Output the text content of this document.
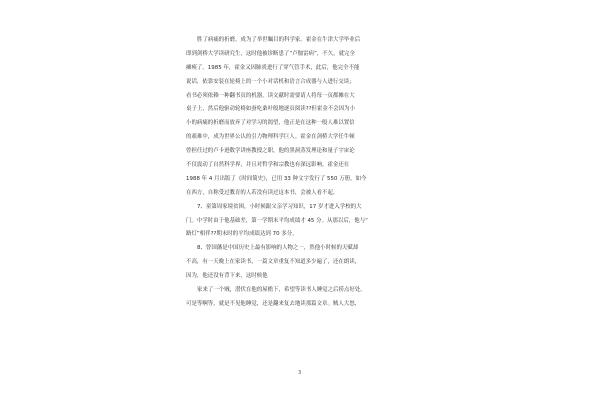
胜了病痛的折磨，成为了举世瞩目的科学家。霍金在牛津大学毕业后
即到剑桥大学读研究生，这时他被诊断患了“卢伽雷病”，不久，就完全
瘫痪了。1985 年，霍金又因肺炎进行了穿气管手术，此后，他完全不能
说话，依靠安装在轮椅上的一个小对话机和语言合成器与人进行交谈；
看书必须依赖一种翻书页的机器，读文献时需要请人将每一页都摊在大
桌子上，然后他驱动轮椅如蚕吃桑叶般地逐页阅读??但霍金不会因为小
小的病痛的折磨而放弃了对学习的渴望，他正是在这种一般人难以置信
的艰难中，成为世界公认的引力物理科学巨人。霍金在剑桥大学任牛顿
曾担任过的卢卡逊数学讲座教授之职，他的黑洞蒸发理论和量子宇宙论
不仅震动了自然科学界，并且对哲学和宗教也有深远影响。霍金还在
1988 年 4 月出版了《时间简史》，已用 33 种文字发行了 550 万册，如今
在西方，自称受过教育的人若没有读过这本书，会被人看不起。
7、童第周家境贫困，小时候跟父亲学习知识，17 岁才进入学校的大
门。中学时由于他基础差，第一学期末平均成绩才 45 分。从那以后，他与“
路灯”相伴??期末时的平均成绩达到 70 多分。
8、曾国藩是中国历史上最有影响的人物之一，然他小时候的天赋却
不高，有一天晚上在家读书，一篇文章重复不知道多少遍了，还在朗读，
因为，他还没有背下来，这时候他
家来了一个贼，潜伏在他的屋檐下，希望等读书人睡觉之后捞点好处。
可是等啊等，就是不见他睡觉，还是翻来复去地读那篇文章。贼人大怒，
3
